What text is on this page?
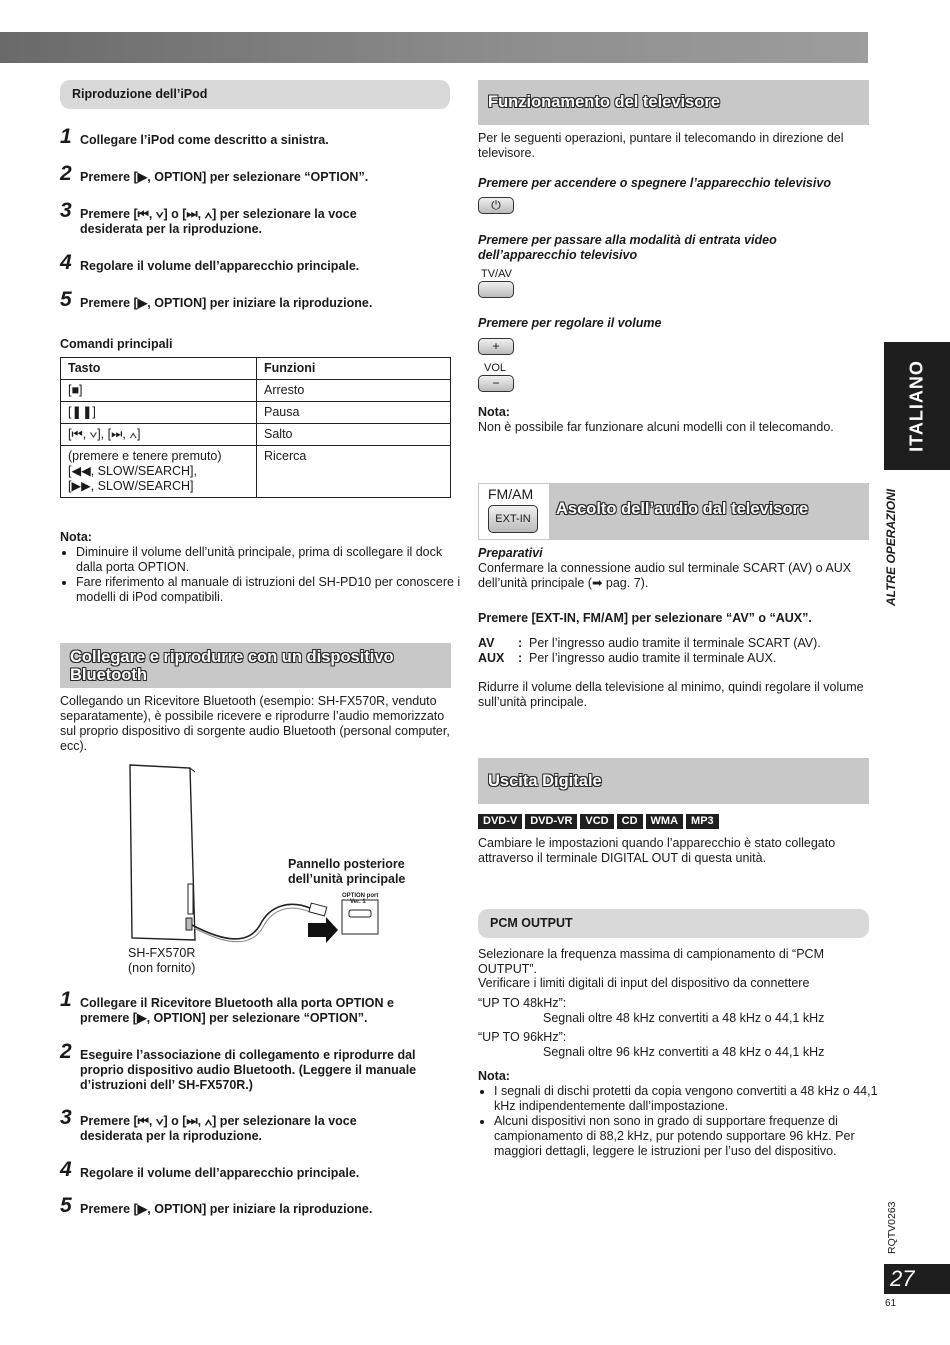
Riproduzione dell’iPod
1 Collegare l’iPod come descritto a sinistra.
2 Premere [▶, OPTION] per selezionare “OPTION”.
3 Premere [⏮, ∨] o [⏭, ∧] per selezionare la voce desiderata per la riproduzione.
4 Regolare il volume dell’apparecchio principale.
5 Premere [▶, OPTION] per iniziare la riproduzione.
Comandi principali
Tasto	Funzioni
[■]	Arresto
[❚❚]	Pausa
[⏮, ∨], [⏭, ∧]	Salto
(premere e tenere premuto)
[◀◀, SLOW/SEARCH],
[▶▶, SLOW/SEARCH]	Ricerca
Nota:
• Diminuire il volume dell’unità principale, prima di scollegare il dock dalla porta OPTION.
• Fare riferimento al manuale di istruzioni del SH-PD10 per conoscere i modelli di iPod compatibili.
Collegare e riprodurre con un dispositivo Bluetooth
Collegando un Ricevitore Bluetooth (esempio: SH-FX570R, venduto separatamente), è possibile ricevere e riprodurre l’audio memorizzato sul proprio dispositivo di sorgente audio Bluetooth (personal computer, ecc).
Pannello posteriore dell’unità principale
OPTION port
Ver. 1
SH-FX570R
(non fornito)
1 Collegare il Ricevitore Bluetooth alla porta OPTION e premere [▶, OPTION] per selezionare “OPTION”.
2 Eseguire l’associazione di collegamento e riprodurre dal proprio dispositivo audio Bluetooth. (Leggere il manuale d’istruzioni dell’ SH-FX570R.)
3 Premere [⏮, ∨] o [⏭, ∧] per selezionare la voce desiderata per la riproduzione.
4 Regolare il volume dell’apparecchio principale.
5 Premere [▶, OPTION] per iniziare la riproduzione.
Funzionamento del televisore
Per le seguenti operazioni, puntare il telecomando in direzione del televisore.
Premere per accendere o spegnere l’apparecchio televisivo
⏻
Premere per passare alla modalità di entrata video dell’apparecchio televisivo
TV/AV
Premere per regolare il volume
+
VOL
−
Nota:
Non è possibile far funzionare alcuni modelli con il telecomando.
FM/AM
EXT-IN
Ascolto dell’audio dal televisore
Preparativi
Confermare la connessione audio sul terminale SCART (AV) o AUX dell’unità principale (➡ pag. 7).
Premere [EXT-IN, FM/AM] per selezionare “AV” o “AUX”.
AV : Per l’ingresso audio tramite il terminale SCART (AV).
AUX : Per l’ingresso audio tramite il terminale AUX.
Ridurre il volume della televisione al minimo, quindi regolare il volume sull’unità principale.
Uscita Digitale
DVD-V DVD-VR VCD CD WMA MP3
Cambiare le impostazioni quando l’apparecchio è stato collegato attraverso il terminale DIGITAL OUT di questa unità.
PCM OUTPUT
Selezionare la frequenza massima di campionamento di “PCM OUTPUT”.
Verificare i limiti digitali di input del dispositivo da connettere
“UP TO 48kHz”:
Segnali oltre 48 kHz convertiti a 48 kHz o 44,1 kHz
“UP TO 96kHz”:
Segnali oltre 96 kHz convertiti a 48 kHz o 44,1 kHz
Nota:
• I segnali di dischi protetti da copia vengono convertiti a 48 kHz o 44,1 kHz indipendentemente dall’impostazione.
• Alcuni dispositivi non sono in grado di supportare frequenze di campionamento di 88,2 kHz, pur potendo supportare 96 kHz. Per maggiori dettagli, leggere le istruzioni per l’uso del dispositivo.
ITALIANO
ALTRE OPERAZIONI
RQTV0263
27
61
